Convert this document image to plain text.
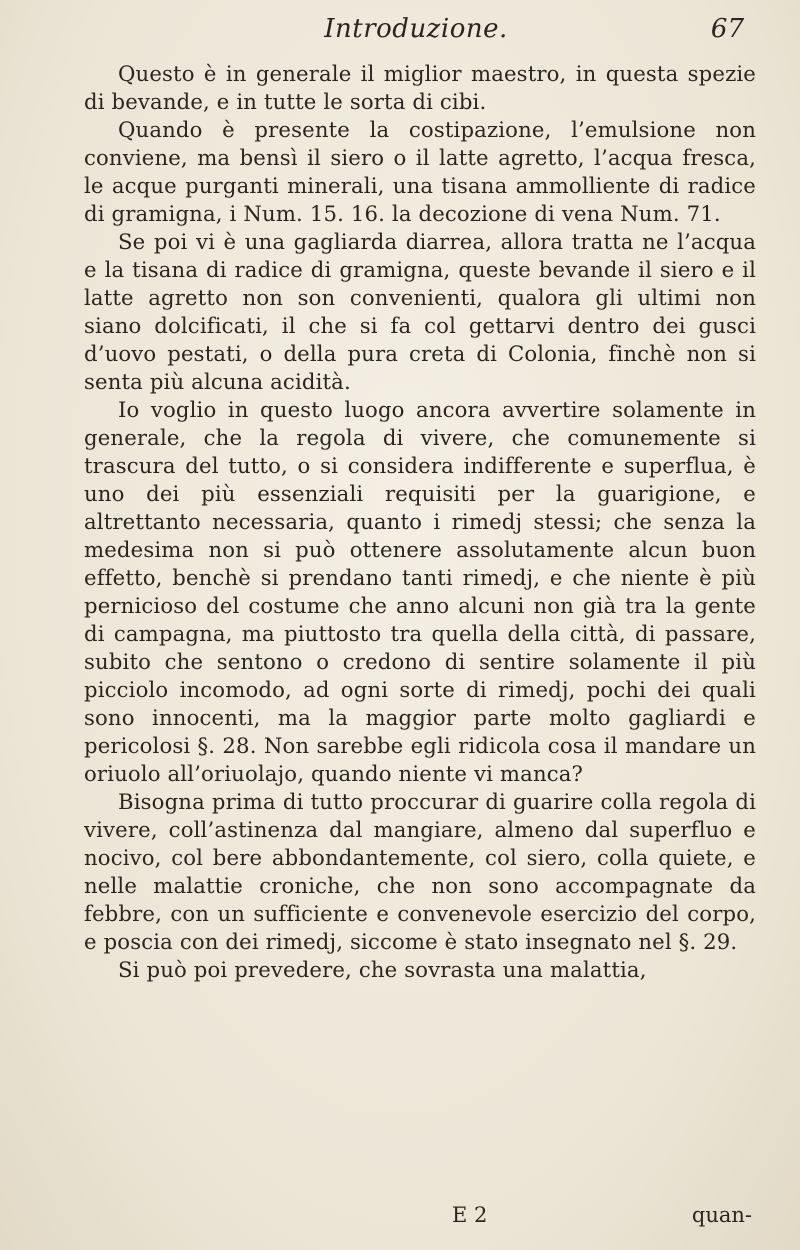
Introduzione.	67

Questo è in generale il miglior maestro, in questa spezie di bevande, e in tutte le sorta di cibi.

Quando è presente la costipazione, l’emulsione non conviene, ma bensì il siero o il latte agretto, l’acqua fresca, le acque purganti minerali, una tisana ammolliente di radice di gramigna, i Num. 15. 16. la decozione di vena Num. 71.

Se poi vi è una gagliarda diarrea, allora tratta ne l’acqua e la tisana di radice di gramigna, queste bevande il siero e il latte agretto non son convenienti, qualora gli ultimi non siano dolcificati, il che si fa col gettarvi dentro dei gusci d’uovo pestati, o della pura creta di Colonia, finchè non si senta più alcuna acidità.

Io voglio in questo luogo ancora avvertire solamente in generale, che la regola di vivere, che comunemente si trascura del tutto, o si considera indifferente e superflua, è uno dei più essenziali requisiti per la guarigione, e altrettanto necessaria, quanto i rimedj stessi; che senza la medesima non si può ottenere assolutamente alcun buon effetto, benchè si prendano tanti rimedj, e che niente è più pernicioso del costume che anno alcuni non già tra la gente di campagna, ma piuttosto tra quella della città, di passare, subito che sentono o credono di sentire solamente il più picciolo incomodo, ad ogni sorte di rimedj, pochi dei quali sono innocenti, ma la maggior parte molto gagliardi e pericolosi §. 28. Non sarebbe egli ridicola cosa il mandare un oriuolo all’oriuolajo, quando niente vi manca?

Bisogna prima di tutto proccurar di guarire colla regola di vivere, coll’astinenza dal mangiare, almeno dal superfluo e nocivo, col bere abbondantemente, col siero, colla quiete, e nelle malattie croniche, che non sono accompagnate da febbre, con un sufficiente e convenevole esercizio del corpo, e poscia con dei rimedj, siccome è stato insegnato nel §. 29.

Si può poi prevedere, che sovrasta una malattia,

E 2	quan-
